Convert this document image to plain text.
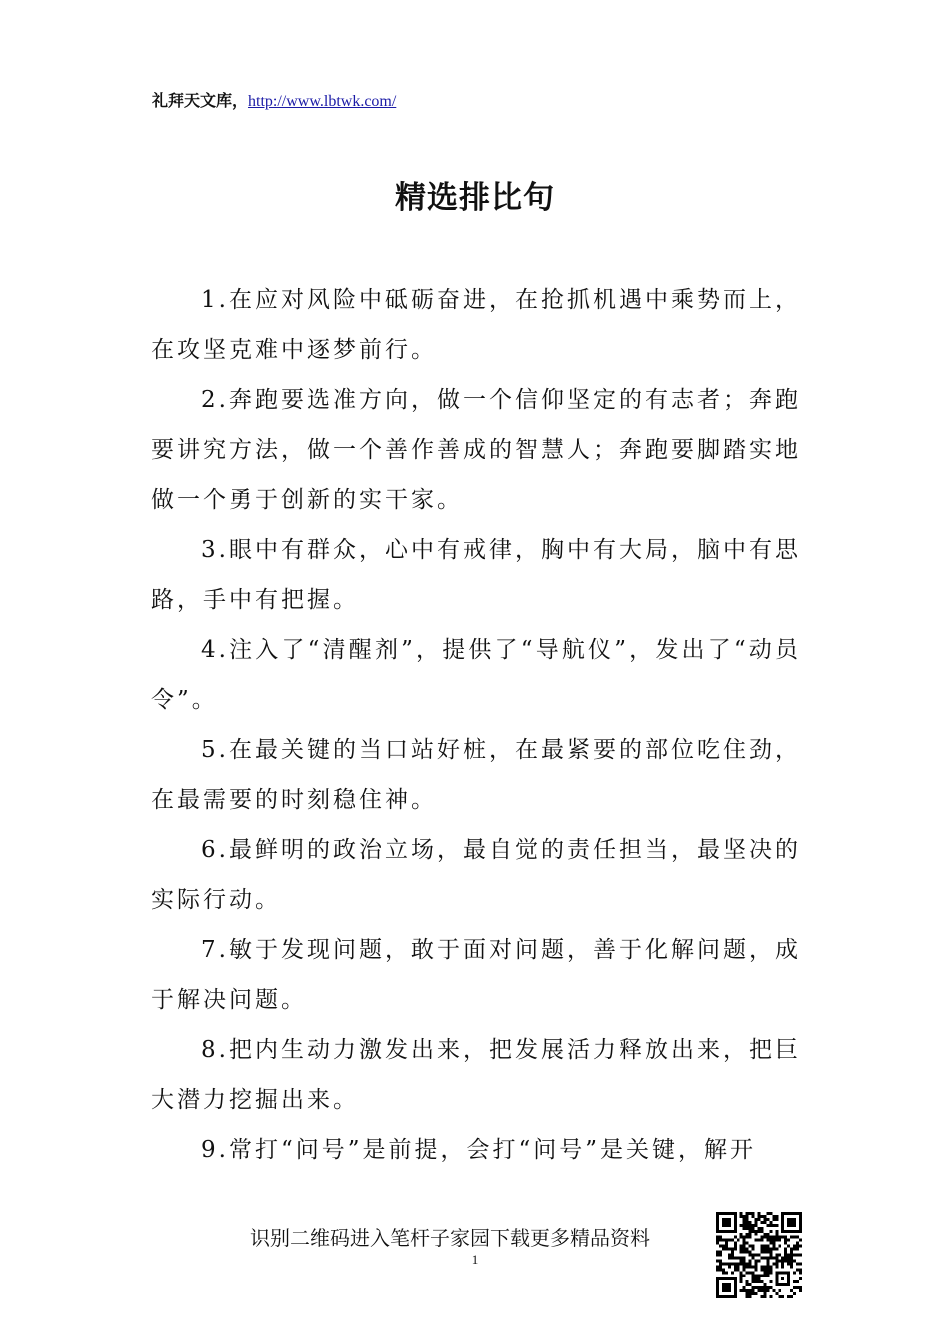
礼拜天文库，http://www.lbtwk.com/
精选排比句

1.在应对风险中砥砺奋进，在抢抓机遇中乘势而上，在攻坚克难中逐梦前行。

2.奔跑要选准方向，做一个信仰坚定的有志者；奔跑要讲究方法，做一个善作善成的智慧人；奔跑要脚踏实地做一个勇于创新的实干家。

3.眼中有群众，心中有戒律，胸中有大局，脑中有思路，手中有把握。

4.注入了“清醒剂”，提供了“导航仪”，发出了“动员令”。

5.在最关键的当口站好桩，在最紧要的部位吃住劲，在最需要的时刻稳住神。

6.最鲜明的政治立场，最自觉的责任担当，最坚决的实际行动。

7.敏于发现问题，敢于面对问题，善于化解问题，成于解决问题。

8.把内生动力激发出来，把发展活力释放出来，把巨大潜力挖掘出来。

9.常打“问号”是前提，会打“问号”是关键，解开

识别二维码进入笔杆子家园下载更多精品资料
1
